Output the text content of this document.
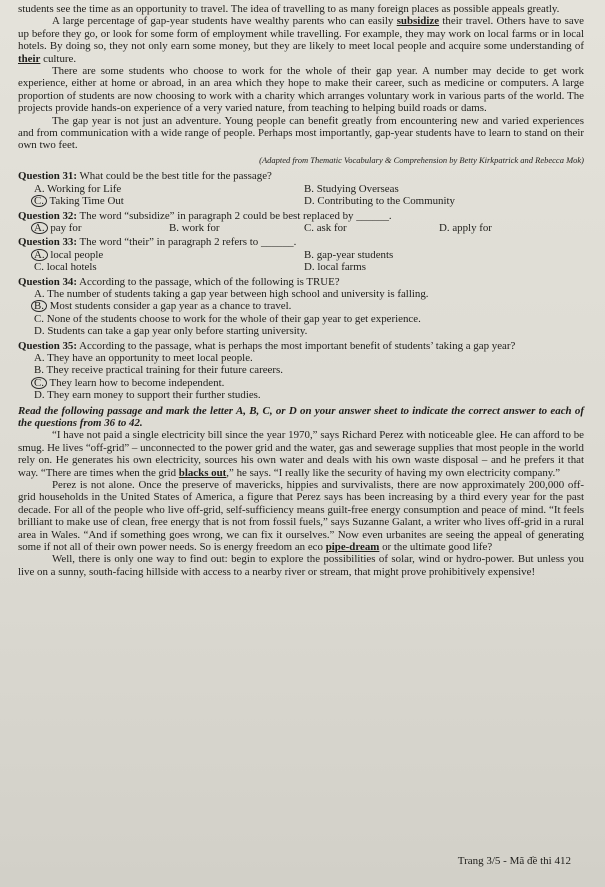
students see the time as an opportunity to travel. The idea of travelling to as many foreign places as possible appeals greatly.

A large percentage of gap-year students have wealthy parents who can easily subsidize their travel. Others have to save up before they go, or look for some form of employment while travelling. For example, they may work on local farms or in local hotels. By doing so, they not only earn some money, but they are likely to meet local people and acquire some understanding of their culture.

There are some students who choose to work for the whole of their gap year. A number may decide to get work experience, either at home or abroad, in an area which they hope to make their career, such as medicine or computers. A large proportion of students are now choosing to work with a charity which arranges voluntary work in various parts of the world. The projects provide hands-on experience of a very varied nature, from teaching to helping build roads or dams.

The gap year is not just an adventure. Young people can benefit greatly from encountering new and varied experiences and from communication with a wide range of people. Perhaps most importantly, gap-year students have to learn to stand on their own two feet.

(Adapted from Thematic Vocabulary & Comprehension by Betty Kirkpatrick and Rebecca Mok)

Question 31: What could be the best title for the passage?

A. Working for Life	B. Studying Overseas
C. Taking Time Out	D. Contributing to the Community

Question 32: The word “subsidize” in paragraph 2 could be best replaced by ______.

A. pay for	B. work for	C. ask for	D. apply for

Question 33: The word “their” in paragraph 2 refers to ______.

A. local people	B. gap-year students
C. local hotels	D. local farms

Question 34: According to the passage, which of the following is TRUE?

A. The number of students taking a gap year between high school and university is falling.
B. Most students consider a gap year as a chance to travel.
C. None of the students choose to work for the whole of their gap year to get experience.
D. Students can take a gap year only before starting university.

Question 35: According to the passage, what is perhaps the most important benefit of students’ taking a gap year?

A. They have an opportunity to meet local people.
B. They receive practical training for their future careers.
C. They learn how to become independent.
D. They earn money to support their further studies.

Read the following passage and mark the letter A, B, C, or D on your answer sheet to indicate the correct answer to each of the questions from 36 to 42.

“I have not paid a single electricity bill since the year 1970,” says Richard Perez with noticeable glee. He can afford to be smug. He lives “off-grid” – unconnected to the power grid and the water, gas and sewerage supplies that most people in the world rely on. He generates his own electricity, sources his own water and deals with his own waste disposal – and he prefers it that way. “There are times when the grid blacks out,” he says. “I really like the security of having my own electricity company.”

Perez is not alone. Once the preserve of mavericks, hippies and survivalists, there are now approximately 200,000 off-grid households in the United States of America, a figure that Perez says has been increasing by a third every year for the past decade. For all of the people who live off-grid, self-sufficiency means guilt-free energy consumption and peace of mind. “It feels brilliant to make use of clean, free energy that is not from fossil fuels,” says Suzanne Galant, a writer who lives off-grid in a rural area in Wales. “And if something goes wrong, we can fix it ourselves.” Now even urbanites are seeing the appeal of generating some if not all of their own power needs. So is energy freedom an eco pipe-dream or the ultimate good life?

Well, there is only one way to find out: begin to explore the possibilities of solar, wind or hydro-power. But unless you live on a sunny, south-facing hillside with access to a nearby river or stream, that might prove prohibitively expensive!

Trang 3/5 - Mã đề thi 412
